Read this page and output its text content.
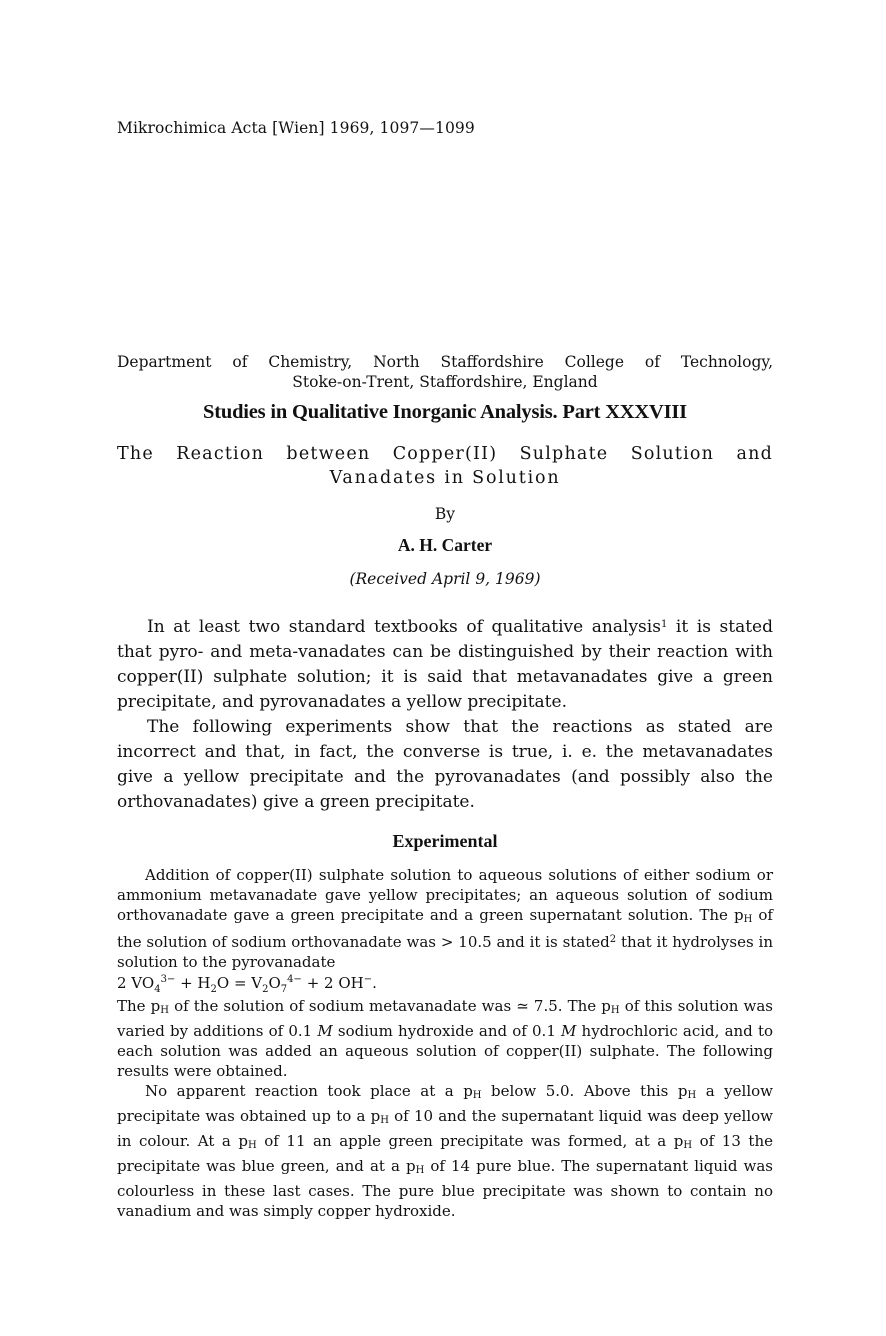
Mikrochimica Acta [Wien] 1969, 1097—1099
Department of Chemistry, North Staffordshire College of Technology,
Stoke-on-Trent, Staffordshire, England
Studies in Qualitative Inorganic Analysis. Part XXXVIII
The Reaction between Copper(II) Sulphate Solution and
Vanadates in Solution
By
A. H. Carter
(Received April 9, 1969)

In at least two standard textbooks of qualitative analysis$^1$ it is stated that pyro- and meta-vanadates can be distinguished by their reaction with copper(II) sulphate solution; it is said that metavanadates give a green precipitate, and pyrovanadates a yellow precipitate.

The following experiments show that the reactions as stated are incorrect and that, in fact, the converse is true, i. e. the metavanadates give a yellow precipitate and the pyrovanadates (and possibly also the orthovanadates) give a green precipitate.

Experimental

Addition of copper(II) sulphate solution to aqueous solutions of either sodium or ammonium metavanadate gave yellow precipitates; an aqueous solution of sodium orthovanadate gave a green precipitate and a green supernatant solution. The pH of the solution of sodium orthovanadate was > 10.5 and it is stated$^2$ that it hydrolyses in solution to the pyrovanadate

2 $VO_4^{3-} + H_2O = V_2O_7^{4-} + 2$ OH−.

The pH of the solution of sodium metavanadate was ≃ 7.5. The pH of this solution was varied by additions of 0.1 M sodium hydroxide and of 0.1 M hydrochloric acid, and to each solution was added an aqueous solution of copper(II) sulphate. The following results were obtained.

No apparent reaction took place at a pH below 5.0. Above this pH a yellow precipitate was obtained up to a pH of 10 and the supernatant liquid was deep yellow in colour. At a pH of 11 an apple green precipitate was formed, at a pH of 13 the precipitate was blue green, and at a pH of 14 pure blue. The supernatant liquid was colourless in these last cases. The pure blue precipitate was shown to contain no vanadium and was simply copper hydroxide.
